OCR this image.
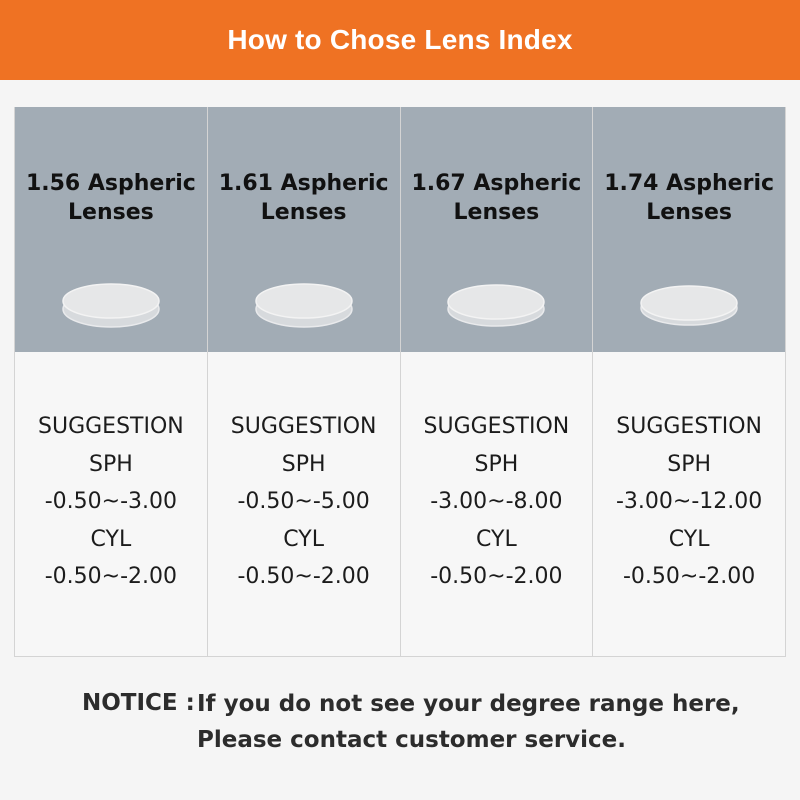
How to Chose Lens Index
1.56 Aspheric
Lenses
SUGGESTION
SPH
-0.50~-3.00
CYL
-0.50~-2.00
1.61 Aspheric
Lenses
SUGGESTION
SPH
-0.50~-5.00
CYL
-0.50~-2.00
1.67 Aspheric
Lenses
SUGGESTION
SPH
-3.00~-8.00
CYL
-0.50~-2.00
1.74 Aspheric
Lenses
SUGGESTION
SPH
-3.00~-12.00
CYL
-0.50~-2.00
NOTICE : If you do not see your degree range here,
Please contact customer service.
